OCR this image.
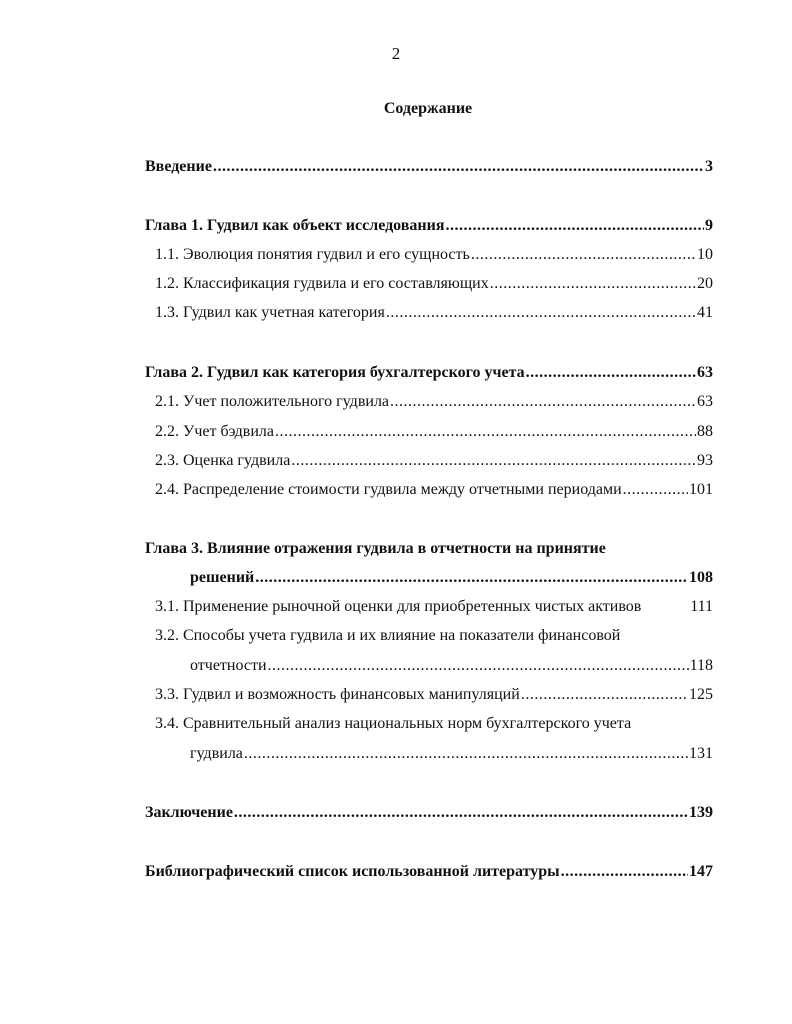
2
Содержание
Введение .....	3
Глава 1. Гудвил как объект исследования .....	9
1.1. Эволюция понятия гудвил и его сущность .....	10
1.2. Классификация гудвила и его составляющих .....	20
1.3. Гудвил как учетная категория .....	41
Глава 2. Гудвил как категория бухгалтерского учета .....	63
2.1. Учет положительного гудвила .....	63
2.2. Учет бэдвила .....	88
2.3. Оценка гудвила .....	93
2.4. Распределение стоимости гудвила между отчетными периодами .....	101
Глава 3. Влияние отражения гудвила в отчетности на принятие
решений .....	108
3.1. Применение рыночной оценки для приобретенных чистых активов	111
3.2. Способы учета гудвила и их влияние на показатели финансовой
отчетности .....	118
3.3. Гудвил и возможность финансовых манипуляций .....	125
3.4. Сравнительный анализ национальных норм бухгалтерского учета
гудвила .....	131
Заключение .....	139
Библиографический список использованной литературы .....	147
